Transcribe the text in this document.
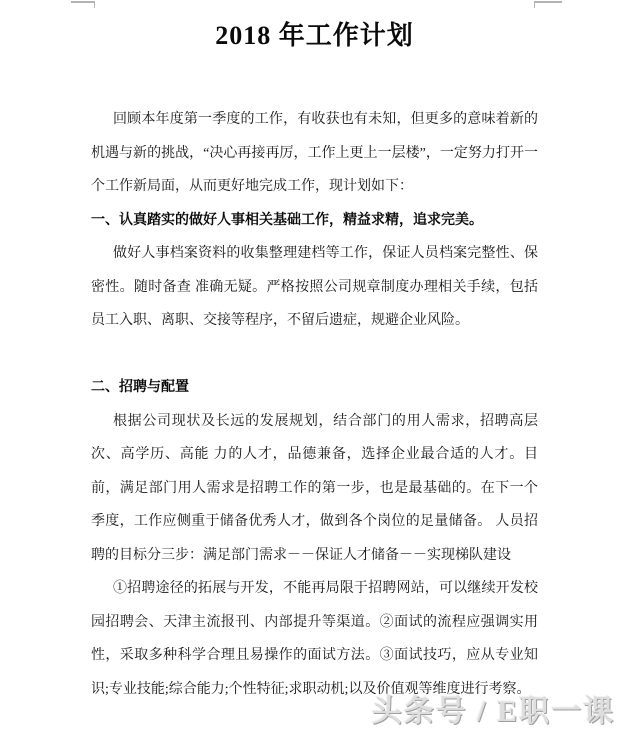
2018 年工作计划

回顾本年度第一季度的工作，有收获也有未知，但更多的意味着新的机遇与新的挑战，“决心再接再厉，工作上更上一层楼”，一定努力打开一个工作新局面，从而更好地完成工作，现计划如下：

一、认真踏实的做好人事相关基础工作，精益求精，追求完美。

做好人事档案资料的收集整理建档等工作，保证人员档案完整性、保密性。随时备查 准确无疑。严格按照公司规章制度办理相关手续，包括员工入职、离职、交接等程序，不留后遗症，规避企业风险。

二、招聘与配置

根据公司现状及长远的发展规划，结合部门的用人需求，招聘高层次、高学历、高能 力的人才，品德兼备，选择企业最合适的人才。目前，满足部门用人需求是招聘工作的第一步，也是最基础的。在下一个季度，工作应侧重于储备优秀人才，做到各个岗位的足量储备。 人员招聘的目标分三步：满足部门需求－－保证人才储备－－实现梯队建设

①招聘途径的拓展与开发，不能再局限于招聘网站，可以继续开发校园招聘会、天津主流报刊、内部提升等渠道。②面试的流程应强调实用性，采取多种科学合理且易操作的面试方法。③面试技巧，应从专业知识;专业技能;综合能力;个性特征;求职动机;以及价值观等维度进行考察。

头条号 / E职一课
